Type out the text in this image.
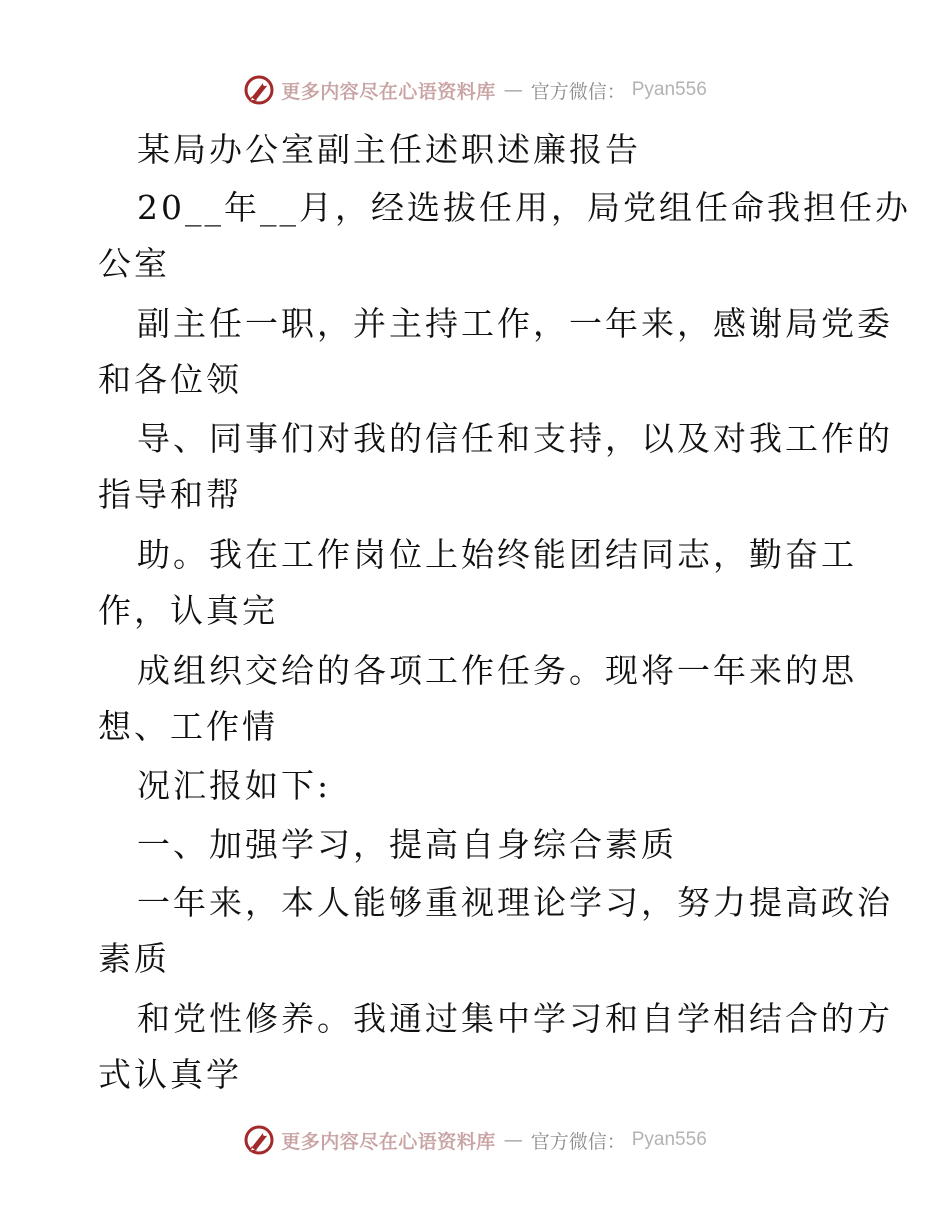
更多内容尽在心语资料库 — 官方微信： Pyan556
某局办公室副主任述职述廉报告
20__年__月，经选拔任用，局党组任命我担任办
公室
副主任一职，并主持工作，一年来，感谢局党委
和各位领
导、同事们对我的信任和支持，以及对我工作的
指导和帮
助。我在工作岗位上始终能团结同志，勤奋工
作，认真完
成组织交给的各项工作任务。现将一年来的思
想、工作情
况汇报如下:
一、加强学习，提高自身综合素质
一年来，本人能够重视理论学习，努力提高政治
素质
和党性修养。我通过集中学习和自学相结合的方
式认真学
更多内容尽在心语资料库 — 官方微信： Pyan556
